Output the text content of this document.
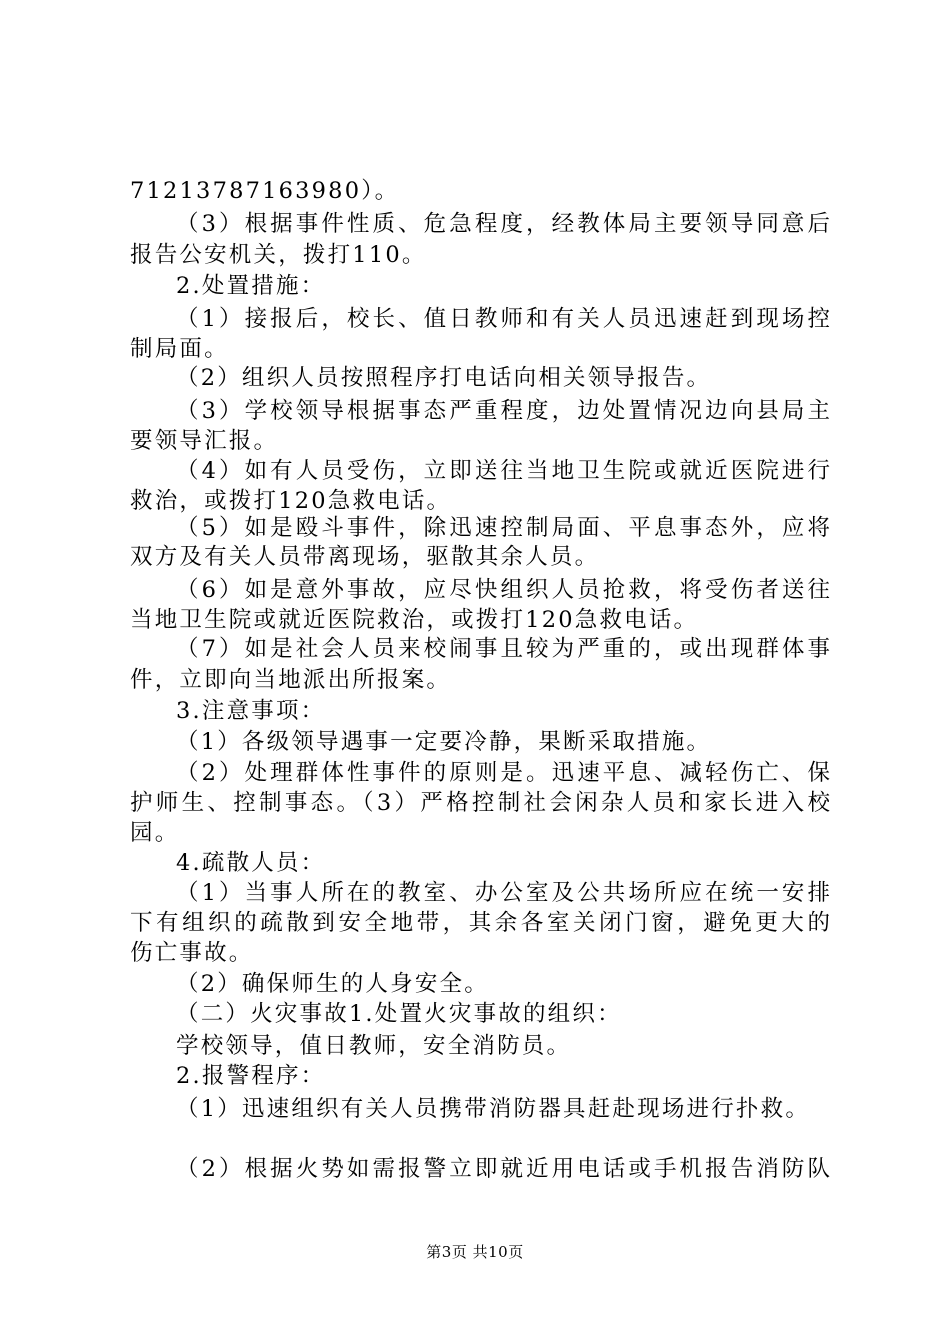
71213787163980）。
（3）根据事件性质、危急程度，经教体局主要领导同意后
报告公安机关，拨打110。
2.处置措施：
（1）接报后，校长、值日教师和有关人员迅速赶到现场控
制局面。
（2）组织人员按照程序打电话向相关领导报告。
（3）学校领导根据事态严重程度，边处置情况边向县局主
要领导汇报。
（4）如有人员受伤，立即送往当地卫生院或就近医院进行
救治，或拨打120急救电话。
（5）如是殴斗事件，除迅速控制局面、平息事态外，应将
双方及有关人员带离现场，驱散其余人员。
（6）如是意外事故，应尽快组织人员抢救，将受伤者送往
当地卫生院或就近医院救治，或拨打120急救电话。
（7）如是社会人员来校闹事且较为严重的，或出现群体事
件，立即向当地派出所报案。
3.注意事项：
（1）各级领导遇事一定要冷静，果断采取措施。
（2）处理群体性事件的原则是。迅速平息、减轻伤亡、保
护师生、控制事态。（3）严格控制社会闲杂人员和家长进入校
园。
4.疏散人员：
（1）当事人所在的教室、办公室及公共场所应在统一安排
下有组织的疏散到安全地带，其余各室关闭门窗，避免更大的
伤亡事故。
（2）确保师生的人身安全。
（二）火灾事故1.处置火灾事故的组织：
学校领导，值日教师，安全消防员。
2.报警程序：
（1）迅速组织有关人员携带消防器具赶赴现场进行扑救。
（2）根据火势如需报警立即就近用电话或手机报告消防队
第3页 共10页
